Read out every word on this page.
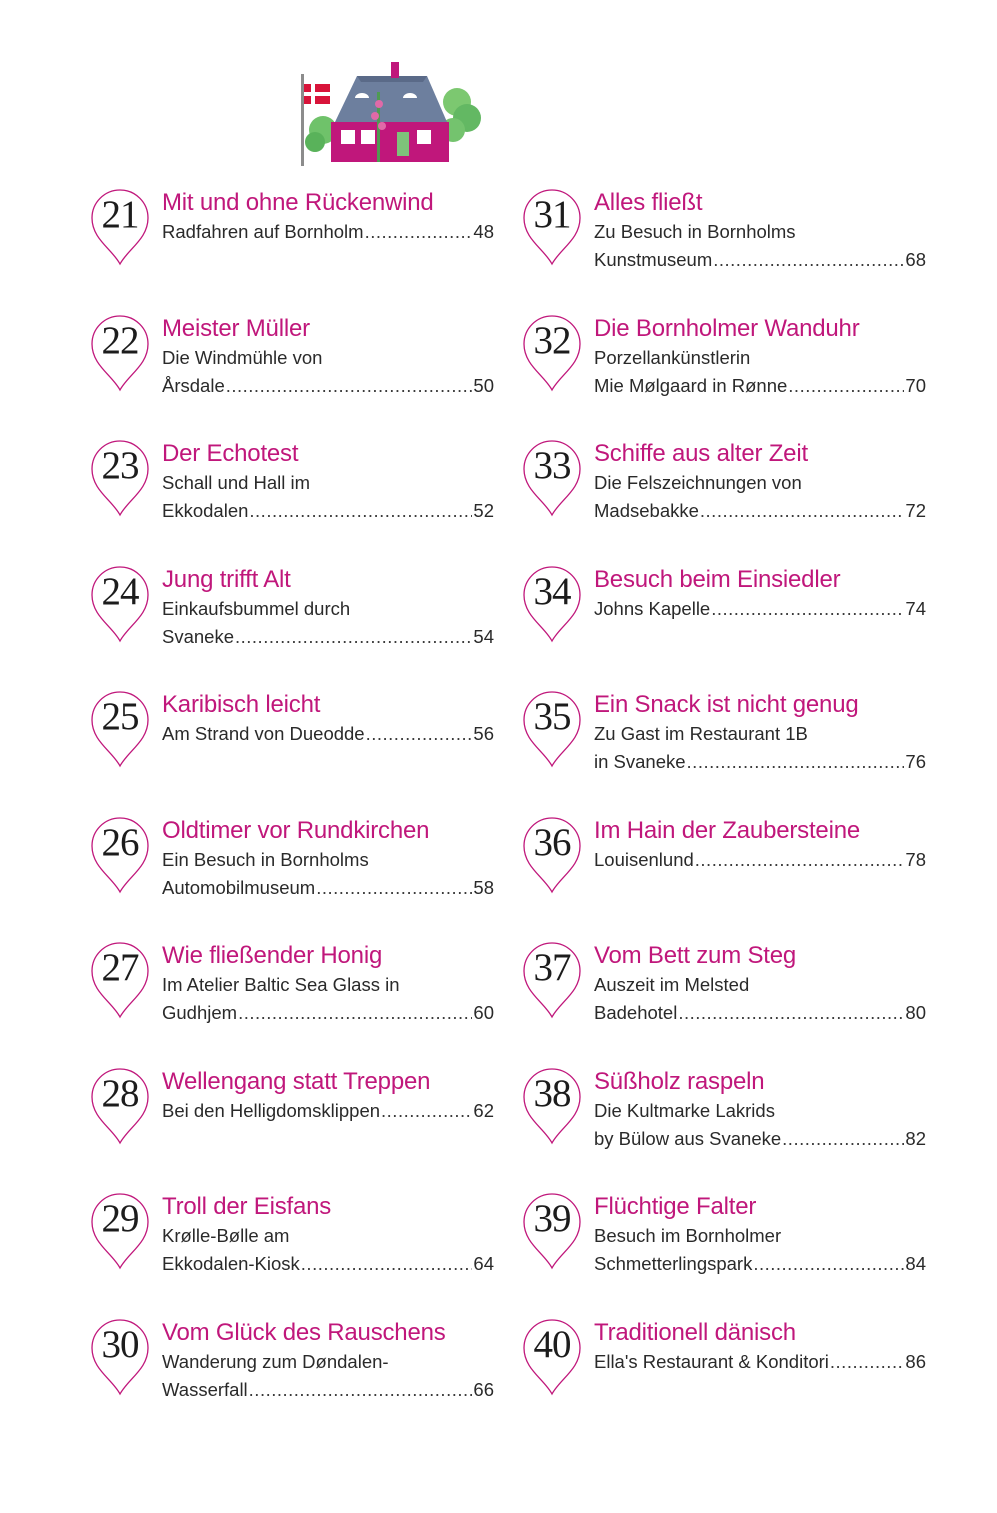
21 Mit und ohne Rückenwind
Radfahren auf Bornholm .....	48
22 Meister Müller
Die Windmühle von
Årsdale .....	50
23 Der Echotest
Schall und Hall im
Ekkodalen .....	52
24 Jung trifft Alt
Einkaufsbummel durch
Svaneke .....	54
25 Karibisch leicht
Am Strand von Dueodde .....	56
26 Oldtimer vor Rundkirchen
Ein Besuch in Bornholms
Automobilmuseum .....	58
27 Wie fließender Honig
Im Atelier Baltic Sea Glass in
Gudhjem .....	60
28 Wellengang statt Treppen
Bei den Helligdomsklippen .....	62
29 Troll der Eisfans
Krølle-Bølle am
Ekkodalen-Kiosk .....	64
30 Vom Glück des Rauschens
Wanderung zum Døndalen-
Wasserfall .....	66
31 Alles fließt
Zu Besuch in Bornholms
Kunstmuseum .....	68
32 Die Bornholmer Wanduhr
Porzellankünstlerin
Mie Mølgaard in Rønne .....	70
33 Schiffe aus alter Zeit
Die Felszeichnungen von
Madsebakke .....	72
34 Besuch beim Einsiedler
Johns Kapelle .....	74
35 Ein Snack ist nicht genug
Zu Gast im Restaurant 1B
in Svaneke .....	76
36 Im Hain der Zaubersteine
Louisenlund .....	78
37 Vom Bett zum Steg
Auszeit im Melsted
Badehotel .....	80
38 Süßholz raspeln
Die Kultmarke Lakrids
by Bülow aus Svaneke .....	82
39 Flüchtige Falter
Besuch im Bornholmer
Schmetterlingspark .....	84
40 Traditionell dänisch
Ella's Restaurant & Konditori .....	86
